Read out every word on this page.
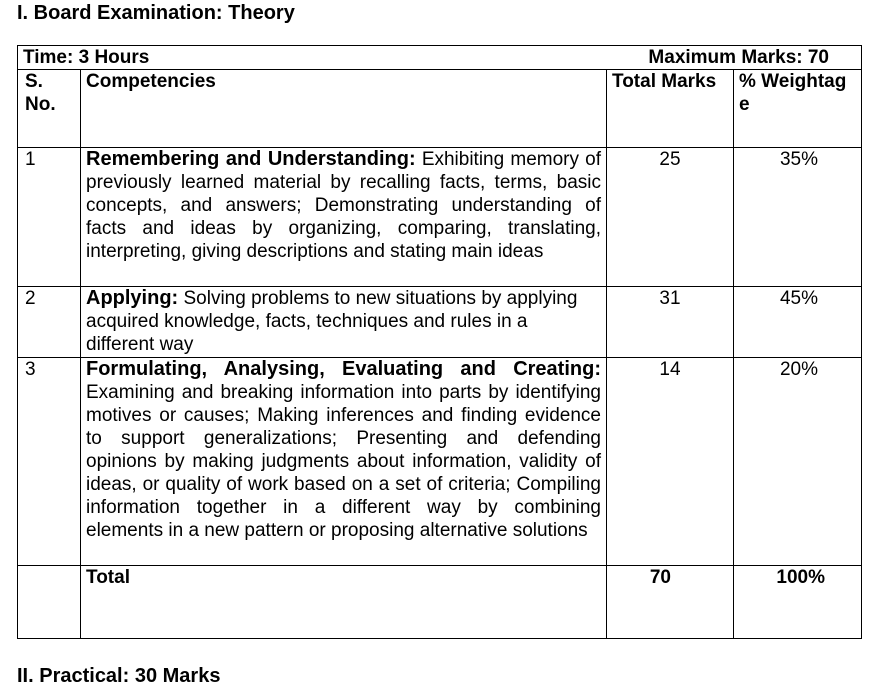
I. Board Examination: Theory
Time: 3 Hours Maximum Marks: 70			

S. No.	Competencies	Total Marks	% Weightag e
1	Remembering and Understanding: Exhibiting memory of previously learned material by recalling facts, terms, basic concepts, and answers; Demonstrating understanding of facts and ideas by organizing, comparing, translating, interpreting, giving descriptions and stating main ideas	25	35%
2	Applying: Solving problems to new situations by applying acquired knowledge, facts, techniques and rules in a different way	31	45%
3	Formulating, Analysing, Evaluating and Creating: Examining and breaking information into parts by identifying motives or causes; Making inferences and finding evidence to support generalizations; Presenting and defending opinions by making judgments about information, validity of ideas, or quality of work based on a set of criteria; Compiling information together in a different way by combining elements in a new pattern or proposing alternative solutions	14	20%
	Total	70	100%
II. Practical: 30 Marks
